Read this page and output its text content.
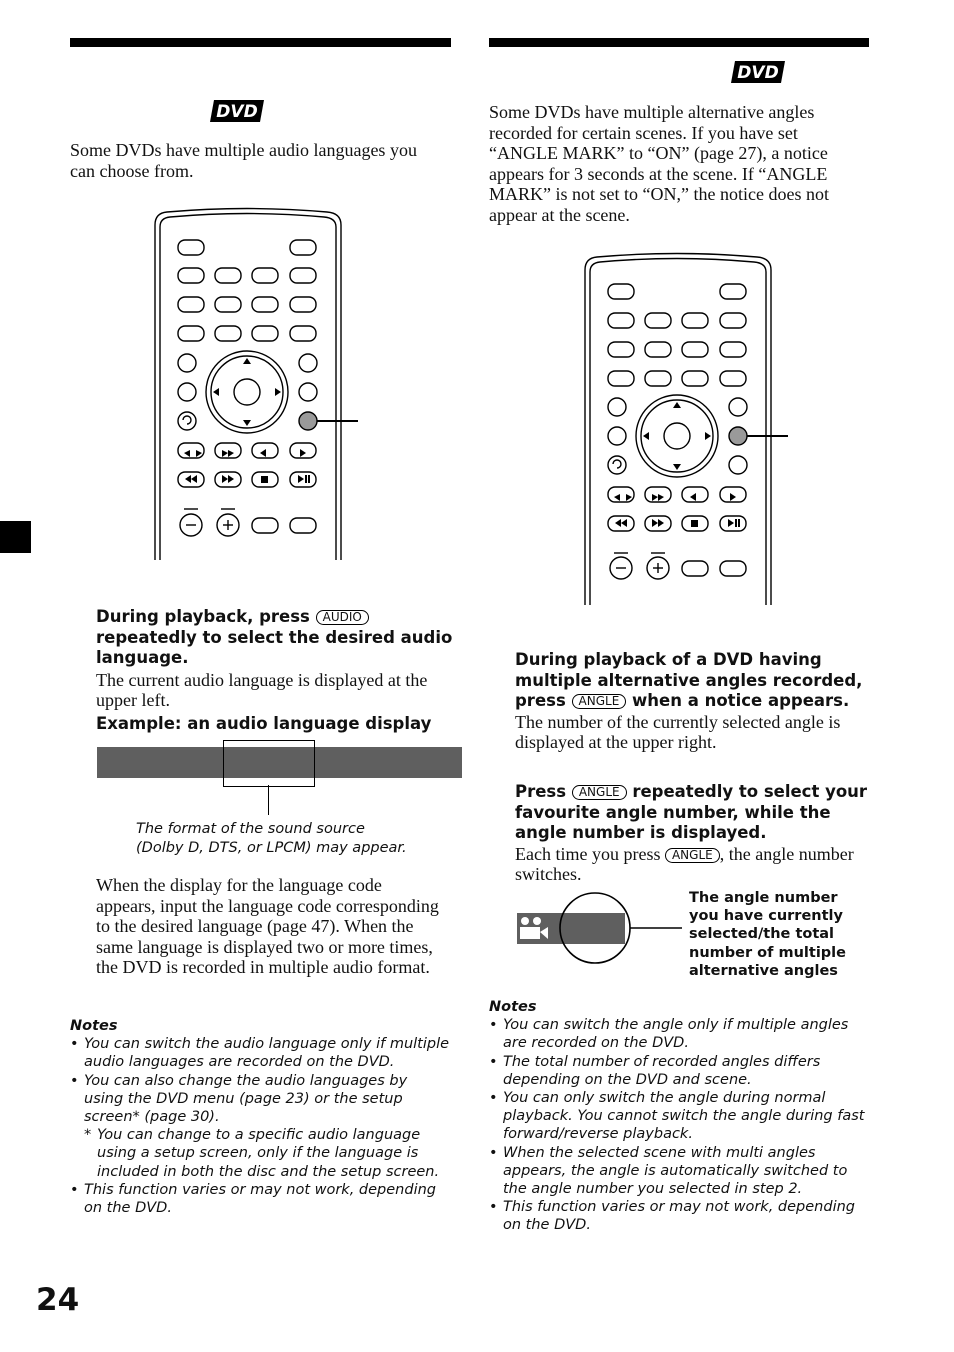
DVD
DVD
Some DVDs have multiple audio languages you can choose from.
During playback, press AUDIO repeatedly to select the desired audio language.
The current audio language is displayed at the upper left.
Example: an audio language display
The format of the sound source
(Dolby D, DTS, or LPCM) may appear.
When the display for the language code appears, input the language code corresponding to the desired language (page 47). When the same language is displayed two or more times, the DVD is recorded in multiple audio format.
Notes
• You can switch the audio language only if multiple audio languages are recorded on the DVD.
• You can also change the audio languages by using the DVD menu (page 23) or the setup screen* (page 30).
* You can change to a specific audio language using a setup screen, only if the language is included in both the disc and the setup screen.
• This function varies or may not work, depending on the DVD.
Some DVDs have multiple alternative angles recorded for certain scenes. If you have set “ANGLE MARK” to “ON” (page 27), a notice appears for 3 seconds at the scene. If “ANGLE MARK” is not set to “ON,” the notice does not appear at the scene.
During playback of a DVD having multiple alternative angles recorded, press ANGLE when a notice appears.
The number of the currently selected angle is displayed at the upper right.
Press ANGLE repeatedly to select your favourite angle number, while the angle number is displayed.
Each time you press ANGLE , the angle number switches.
The angle number
you have currently
selected/the total
number of multiple
alternative angles
Notes
• You can switch the angle only if multiple angles are recorded on the DVD.
• The total number of recorded angles differs depending on the DVD and scene.
• You can only switch the angle during normal playback. You cannot switch the angle during fast forward/reverse playback.
• When the selected scene with multi angles appears, the angle is automatically switched to the angle number you selected in step 2.
• This function varies or may not work, depending on the DVD.
24
